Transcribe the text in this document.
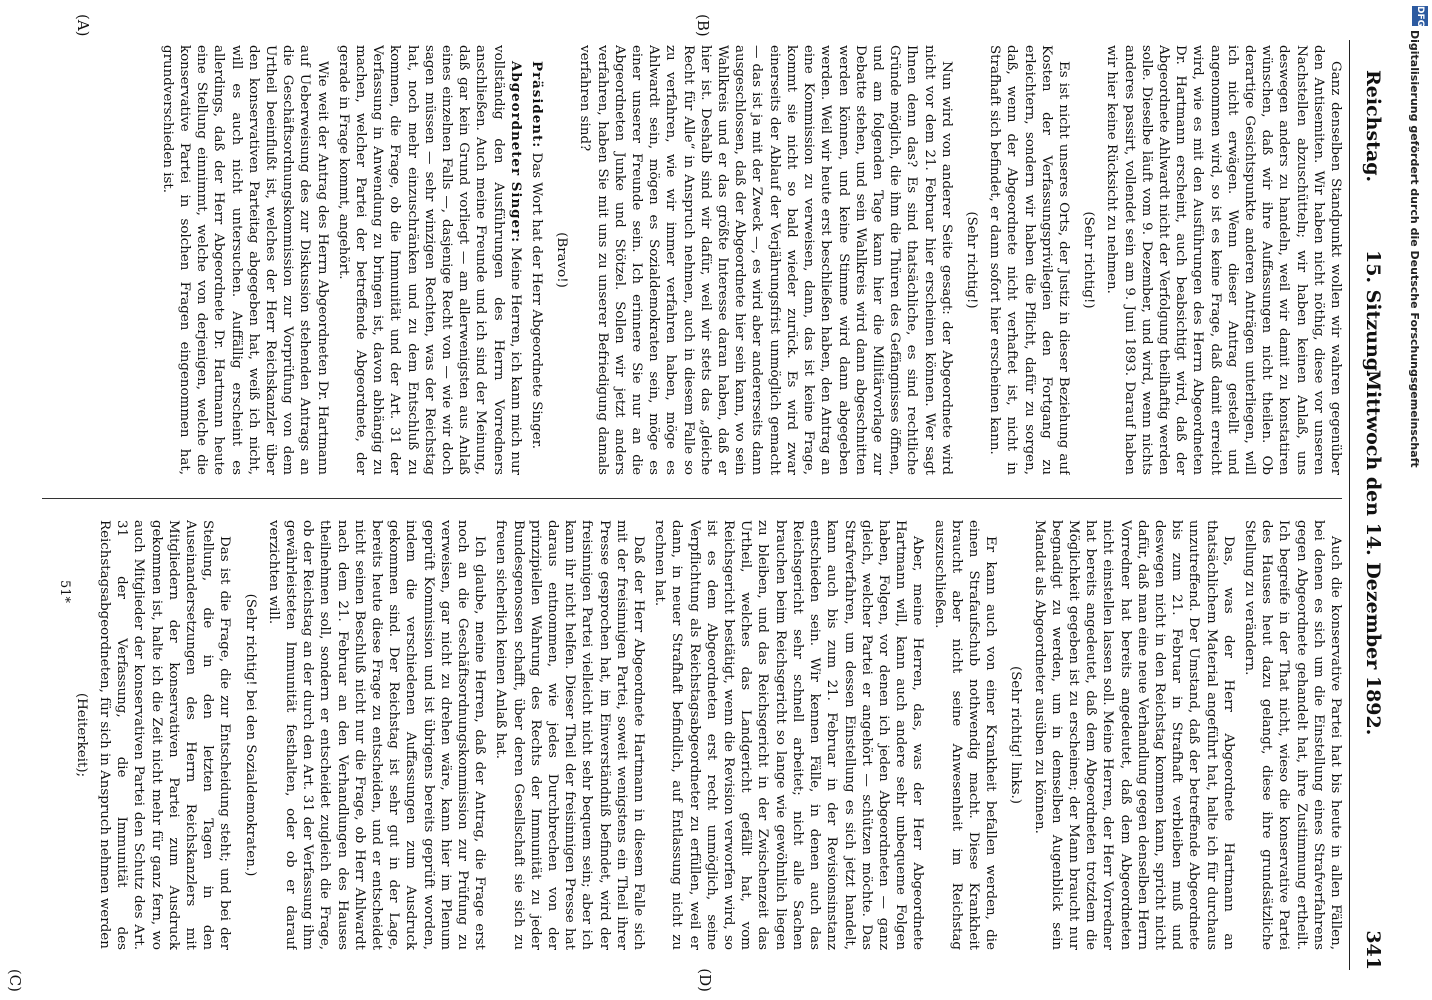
Reichstag.
15. Sitzung.
Mittwoch den 14. Dezember 1892.
341
(A)	(B)
(C)	(D)

Ganz denselben Standpunkt wollen wir wahren gegenüber den Antisemiten. Wir haben nicht nöthig, diese vor unseren Nachstellen abzuschütteln; wir haben keinen Anlaß, uns deswegen anders zu handeln, weil wir damit zu konstatiren wünschen, daß wir ihre Auffassungen nicht theilen. Ob derartige Gesichtspunkte anderen Anträgen unterliegen, will ich nicht erwägen. Wenn dieser Antrag gestellt und angenommen wird, so ist es keine Frage, daß damit erreicht wird, wie es mit den Ausführungen des Herrn Abgeordneten Dr. Hartmann erscheint, auch beabsichtigt wird, daß der Abgeordnete Ahlwardt nicht der Verfolgung theilhaftig werden solle. Dieselbe läuft vom 9. Dezember, und wird, wenn nichts anderes passirt, vollendet sein am 9. Juni 1893. Darauf haben wir hier keine Rücksicht zu nehmen.

(Sehr richtig!)

Es ist nicht unseres Orts, der Justiz in dieser Beziehung auf Kosten der Verfassungsprivilegien den Fortgang zu erleichtern, sondern wir haben die Pflicht, dafür zu sorgen, daß, wenn der Abgeordnete nicht verhaftet ist, nicht in Strafhaft sich befindet, er dann sofort hier erscheinen kann.

(Sehr richtig!)

Nun wird von anderer Seite gesagt: der Abgeordnete wird nicht vor dem 21. Februar hier erscheinen können. Wer sagt Ihnen denn das? Es sind thatsächliche, es sind rechtliche Gründe möglich, die ihm die Thüren des Gefängnisses öffnen, und am folgenden Tage kann hier die Militärvorlage zur Debatte stehen, und sein Wahlkreis wird dann abgeschnitten werden können, und keine Stimme wird dann abgegeben werden. Weil wir heute erst beschließen haben, den Antrag an eine Kommission zu verweisen, dann, das ist keine Frage, kommt sie nicht so bald wieder zurück. Es wird zwar einerseits der Ablauf der Verjährungsfrist unmöglich gemacht — das ist ja mit der Zweck —, es wird aber andererseits dann ausgeschlossen, daß der Abgeordnete hier sein kann, wo sein Wahlkreis und er das größte Interesse daran haben, daß er hier ist. Deshalb sind wir dafür, weil wir stets das „gleiche Recht für Alle“ in Anspruch nehmen, auch in diesem Falle so zu verfahren, wie wir immer verfahren haben, möge es Ahlwardt sein, mögen es Sozialdemokraten sein, möge es einer unserer Freunde sein. Ich erinnere Sie nur an die Abgeordneten Junke und Stötzel. Sollen wir jetzt anders verfahren, haben Sie mit uns zu unserer Befriedigung damals verfahren sind?

(Bravo!)

Präsident: Das Wort hat der Herr Abgeordnete Singer.

Abgeordneter Singer: Meine Herren, ich kann mich nur vollständig den Ausführungen des Herrn Vorredners anschließen. Auch meine Freunde und ich sind der Meinung, daß gar kein Grund vorliegt — am allerwenigsten aus Anlaß eines einzelnen Falls —, dasjenige Recht von — wie wir doch sagen müssen — sehr winzigen Rechten, was der Reichstag hat, noch mehr einzuschränken und zu dem Entschluß zu kommen, die Frage, ob die Immunität und der Art. 31 der Verfassung in Anwendung zu bringen ist, davon abhängig zu machen, welcher Partei der betreffende Abgeordnete, der gerade in Frage kommt, angehört.

Wie weit der Antrag des Herrn Abgeordneten Dr. Hartmann auf Ueberweisung des zur Diskussion stehenden Antrags an die Geschäftsordnungskommission zur Vorprüfung von dem Urtheil beeinflußt ist, welches der Herr Reichskanzler über den konservativen Parteitag abgegeben hat, weiß ich nicht, will es auch nicht untersuchen. Auffällig erscheint es allerdings, daß der Herr Abgeordnete Dr. Hartmann heute eine Stellung einnimmt, welche von derjenigen, welche die konservative Partei in solchen Fragen eingenommen hat, grundverschieden ist.

Auch die konservative Partei hat bis heute in allen Fällen, bei denen es sich um die Einstellung eines Strafverfahrens gegen Abgeordnete gehandelt hat, ihre Zustimmung ertheilt. Ich begreife in der That nicht, wieso die konservative Partei des Hauses heut dazu gelangt, diese ihre grundsätzliche Stellung zu verändern.

Das, was der Herr Abgeordnete Hartmann an thatsächlichem Material angeführt hat, halte ich für durchaus unzutreffend. Der Umstand, daß der betreffende Abgeordnete bis zum 21. Februar in Strafhaft verbleiben muß und deswegen nicht in den Reichstag kommen kann, spricht nicht dafür, daß man eine neue Verhandlung gegen denselben Herrn Vorredner hat bereits angedeutet, daß dem Abgeordneten nicht einstellen lassen soll. Meine Herren, der Herr Vorredner hat bereits angedeutet, daß dem Abgeordneten trotzdem die Möglichkeit gegeben ist zu erscheinen; der Mann braucht nur begnadigt zu werden, um in demselben Augenblick sein Mandat als Abgeordneter ausüben zu können.

(Sehr richtig! links.)

Er kann auch von einer Krankheit befallen werden, die einen Strafaufschub nothwendig macht. Diese Krankheit braucht aber nicht seine Anwesenheit im Reichstag auszuschließen.

Aber, meine Herren, das, was der Herr Abgeordnete Hartmann will, kann auch andere sehr unbequeme Folgen haben, Folgen, vor denen ich jeden Abgeordneten — ganz gleich, welcher Partei er angehört — schützen möchte. Das Strafverfahren, um dessen Einstellung es sich jetzt handelt, kann auch bis zum 21. Februar in der Revisionsinstanz entschieden sein. Wir kennen Fälle, in denen auch das Reichsgericht sehr schnell arbeitet; nicht alle Sachen brauchen beim Reichsgericht so lange wie gewöhnlich liegen zu bleiben, und das Reichsgericht in der Zwischenzeit das Urtheil, welches das Landgericht gefällt hat, vom Reichsgericht bestätigt, wenn die Revision verworfen wird, so ist es dem Abgeordneten erst recht unmöglich, seine Verpflichtung als Reichstagsabgeordneter zu erfüllen, weil er dann, in neuer Strafhaft befindlich, auf Entlassung nicht zu rechnen hat.

Daß der Herr Abgeordnete Hartmann in diesem Falle sich mit der freisinnigen Partei, soweit wenigstens ein Theil ihrer Presse gesprochen hat, im Einverständniß befindet, wird der freisinnigen Partei vielleicht nicht sehr bequem sein; aber ich kann ihr nicht helfen. Dieser Theil der freisinnigen Presse hat daraus entnommen, wie jedes Durchbrechen von der prinzipiellen Wahrung des Rechts der Immunität zu jeder Bundesgenossen schafft, über deren Gesellschaft sie sich zu freuen sicherlich keinen Anlaß hat.

Ich glaube, meine Herren, daß der Antrag, die Frage erst noch an die Geschäftsordnungskommission zur Prüfung zu verweisen, gar nicht zu drehen wäre, kann hier im Plenum geprüft Kommission und ist übrigens bereits geprüft worden, indem die verschiedenen Auffassungen zum Ausdruck gekommen sind. Der Reichstag ist sehr gut in der Lage, bereits heute diese Frage zu entscheiden, und er entscheidet nicht seinen Beschluß nicht nur die Frage, ob Herr Ahlwardt nach dem 21. Februar an den Verhandlungen des Hauses theilnehmen soll, sondern er entscheidet zugleich die Frage, ob der Reichstag an der durch den Art. 31 der Verfassung ihm gewährleisteten Immunität festhalten, oder ob er darauf verzichten will.

(Sehr richtig! bei den Sozialdemokraten.)

Das ist die Frage, die zur Entscheidung steht; und bei der Stellung, die in den letzten Tagen in den Auseinandersetzungen des Herrn Reichskanzlers mit Mitgliedern der konservativen Partei zum Ausdruck gekommen ist, halte ich die Zeit nicht mehr für ganz fern, wo auch Mitglieder der konservativen Partei den Schutz des Art. 31 der Verfassung, die Immunität des Reichstagsabgeordneten, für sich in Anspruch nehmen werden

(Heiterkeit);

51*
DFG
Digitalisierung gefördert durch die Deutsche Forschungsgemeinschaft
